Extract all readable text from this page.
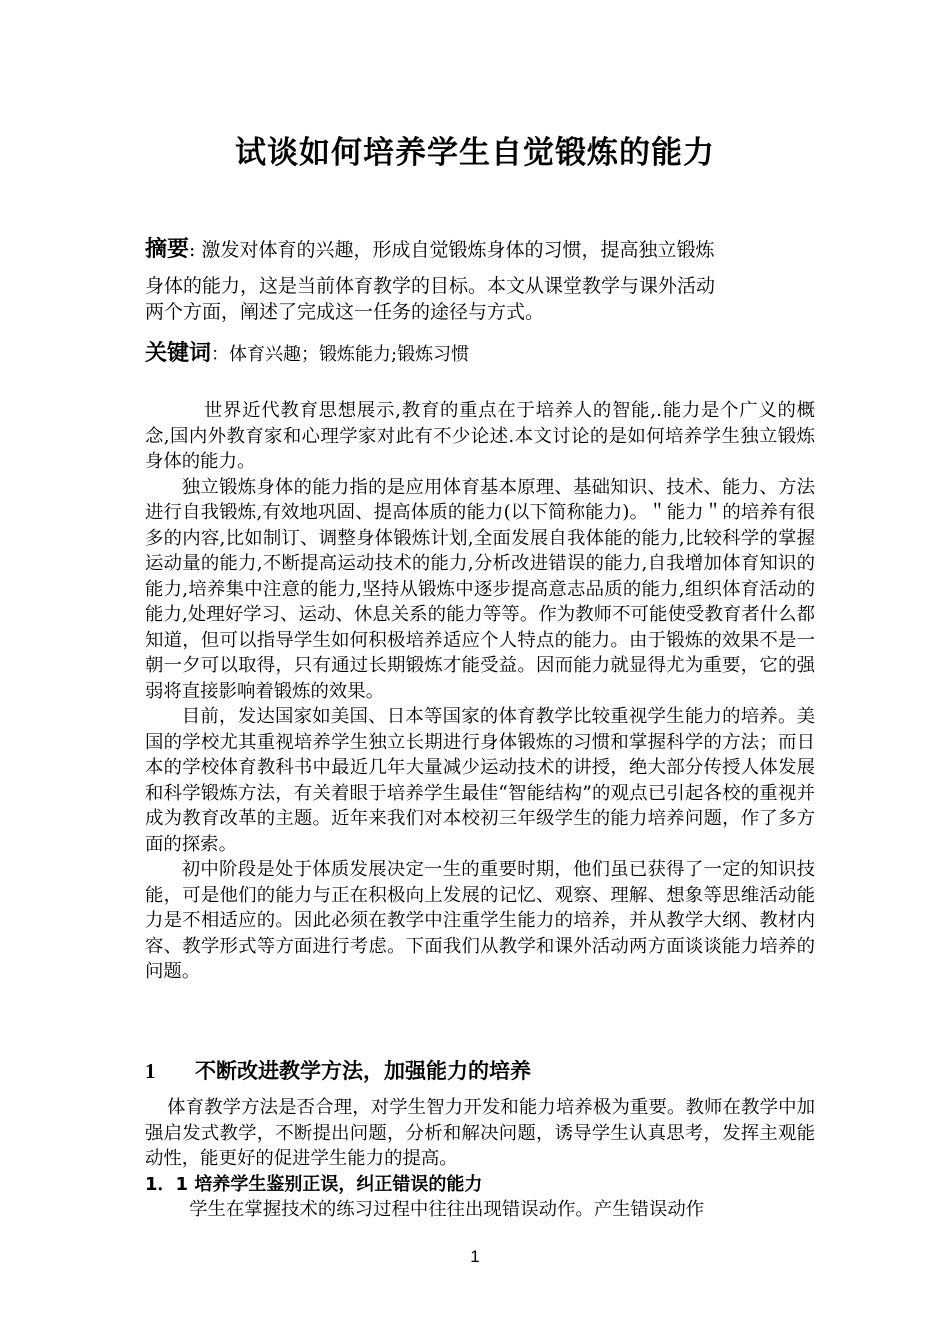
试谈如何培养学生自觉锻炼的能力
摘要: 激发对体育的兴趣，形成自觉锻炼身体的习惯，提高独立锻炼
身体的能力，这是当前体育教学的目标。本文从课堂教学与课外活动
两个方面，阐述了完成这一任务的途径与方式。
关键词：体育兴趣；锻炼能力;锻炼习惯

世界近代教育思想展示,教育的重点在于培养人的智能,.能力是个广义的概念,国内外教育家和心理学家对此有不少论述.本文讨论的是如何培养学生独立锻炼身体的能力。

独立锻炼身体的能力指的是应用体育基本原理、基础知识、技术、能力、方法进行自我锻炼,有效地巩固、提高体质的能力(以下简称能力)。＂能力＂的培养有很多的内容,比如制订、调整身体锻炼计划,全面发展自我体能的能力,比较科学的掌握运动量的能力,不断提高运动技术的能力,分析改进错误的能力,自我增加体育知识的能力,培养集中注意的能力,坚持从锻炼中逐步提高意志品质的能力,组织体育活动的能力,处理好学习、运动、休息关系的能力等等。作为教师不可能使受教育者什么都知道，但可以指导学生如何积极培养适应个人特点的能力。由于锻炼的效果不是一朝一夕可以取得，只有通过长期锻炼才能受益。因而能力就显得尤为重要，它的强弱将直接影响着锻炼的效果。

目前，发达国家如美国、日本等国家的体育教学比较重视学生能力的培养。美国的学校尤其重视培养学生独立长期进行身体锻炼的习惯和掌握科学的方法；而日本的学校体育教科书中最近几年大量减少运动技术的讲授，绝大部分传授人体发展和科学锻炼方法，有关着眼于培养学生最佳“智能结构”的观点已引起各校的重视并成为教育改革的主题。近年来我们对本校初三年级学生的能力培养问题，作了多方面的探索。

初中阶段是处于体质发展决定一生的重要时期，他们虽已获得了一定的知识技能，可是他们的能力与正在积极向上发展的记忆、观察、理解、想象等思维活动能力是不相适应的。因此必须在教学中注重学生能力的培养，并从教学大纲、教材内容、教学形式等方面进行考虑。下面我们从教学和课外活动两方面谈谈能力培养的问题。

1 不断改进教学方法，加强能力的培养

体育教学方法是否合理，对学生智力开发和能力培养极为重要。教师在教学中加强启发式教学，不断提出问题，分析和解决问题，诱导学生认真思考，发挥主观能动性，能更好的促进学生能力的提高。

1．1 培养学生鉴别正误，纠正错误的能力

学生在掌握技术的练习过程中往往出现错误动作。产生错误动作

1
